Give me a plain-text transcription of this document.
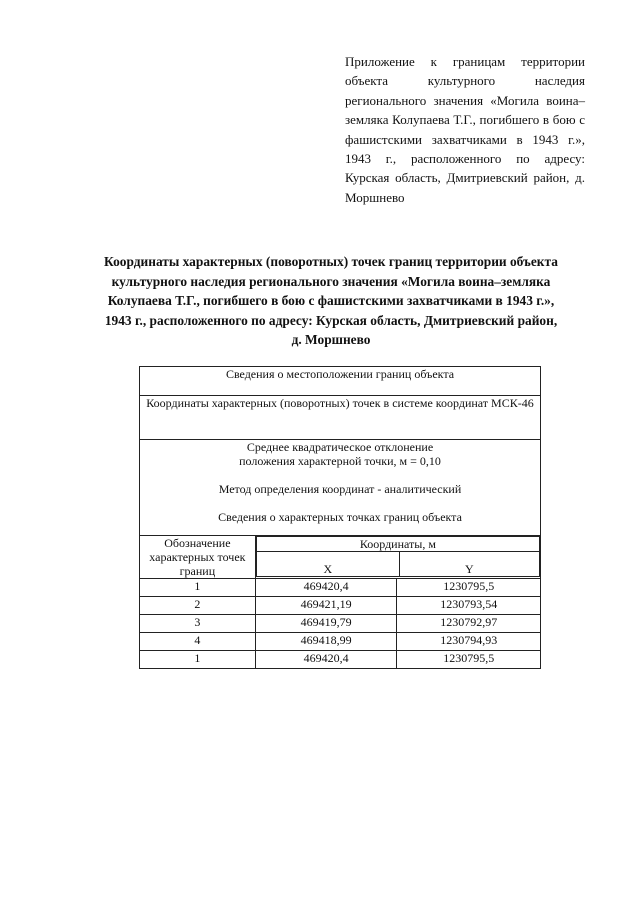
Приложение к границам территории объекта культурного наследия регионального значения «Могила воина–земляка Колупаева Т.Г., погибшего в бою с фашистскими захватчиками в 1943 г.», 1943 г., расположенного по адресу: Курская область, Дмитриевский район, д. Моршнево
Координаты характерных (поворотных) точек границ территории объекта культурного наследия регионального значения «Могила воина–земляка Колупаева Т.Г., погибшего в бою с фашистскими захватчиками в 1943 г.», 1943 г., расположенного по адресу: Курская область, Дмитриевский район, д. Моршнево
Сведения о местоположении границ объекта
Координаты характерных (поворотных) точек в системе координат МСК-46

Среднее квадратическое отклонение
положения характерной точки, м = 0,10
Метод определения координат - аналитический
Сведения о характерных точках границ объекта

Обозначение характерных точек границ	
Координаты, м
X	Y

1	469420,4	1230795,5
2	469421,19	1230793,54
3	469419,79	1230792,97
4	469418,99	1230794,93
1	469420,4	1230795,5
